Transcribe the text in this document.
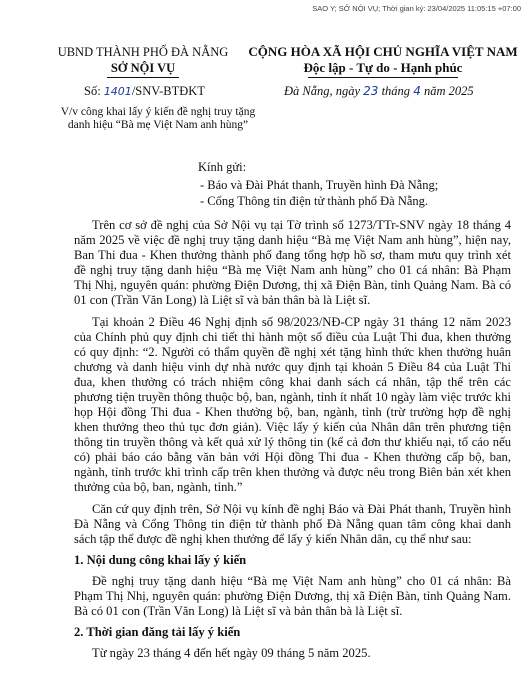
SAO Y; SỞ NỘI VỤ; Thời gian ký: 23/04/2025 11:05:15 +07:00
UBND THÀNH PHỐ ĐÀ NẴNG
SỞ NỘI VỤ
CỘNG HÒA XÃ HỘI CHỦ NGHĨA VIỆT NAM
Độc lập - Tự do - Hạnh phúc
Số: 1401/SNV-BTĐKT	Đà Nẵng, ngày 23 tháng 4 năm 2025
V/v công khai lấy ý kiến đề nghị truy tặng danh hiệu “Bà mẹ Việt Nam anh hùng”
Kính gửi:
- Báo và Đài Phát thanh, Truyền hình Đà Nẵng;
- Cổng Thông tin điện tử thành phố Đà Nẵng.

Trên cơ sở đề nghị của Sở Nội vụ tại Tờ trình số 1273/TTr-SNV ngày 18 tháng 4 năm 2025 về việc đề nghị truy tặng danh hiệu “Bà mẹ Việt Nam anh hùng”, hiện nay, Ban Thi đua - Khen thưởng thành phố đang tổng hợp hồ sơ, tham mưu quy trình xét đề nghị truy tặng danh hiệu “Bà mẹ Việt Nam anh hùng” cho 01 cá nhân: Bà Phạm Thị Nhị, nguyên quán: phường Điện Dương, thị xã Điện Bàn, tỉnh Quảng Nam. Bà có 01 con (Trần Văn Long) là Liệt sĩ và bản thân bà là Liệt sĩ.

Tại khoản 2 Điều 46 Nghị định số 98/2023/NĐ-CP ngày 31 tháng 12 năm 2023 của Chính phủ quy định chi tiết thi hành một số điều của Luật Thi đua, khen thưởng có quy định: “2. Người có thẩm quyền đề nghị xét tặng hình thức khen thưởng huân chương và danh hiệu vinh dự nhà nước quy định tại khoản 5 Điều 84 của Luật Thi đua, khen thưởng có trách nhiệm công khai danh sách cá nhân, tập thể trên các phương tiện truyền thông thuộc bộ, ban, ngành, tỉnh ít nhất 10 ngày làm việc trước khi họp Hội đồng Thi đua - Khen thưởng bộ, ban, ngành, tỉnh (trừ trường hợp đề nghị khen thưởng theo thủ tục đơn giản). Việc lấy ý kiến của Nhân dân trên phương tiện thông tin truyền thông và kết quả xử lý thông tin (kể cả đơn thư khiếu nại, tố cáo nếu có) phải báo cáo bằng văn bản với Hội đồng Thi đua - Khen thưởng cấp bộ, ban, ngành, tỉnh trước khi trình cấp trên khen thưởng và được nêu trong Biên bản xét khen thưởng của bộ, ban, ngành, tỉnh.”

Căn cứ quy định trên, Sở Nội vụ kính đề nghị Báo và Đài Phát thanh, Truyền hình Đà Nẵng và Cổng Thông tin điện tử thành phố Đà Nẵng quan tâm công khai danh sách tập thể được đề nghị khen thưởng để lấy ý kiến Nhân dân, cụ thể như sau:

1. Nội dung công khai lấy ý kiến

Đề nghị truy tặng danh hiệu “Bà mẹ Việt Nam anh hùng” cho 01 cá nhân: Bà Phạm Thị Nhị, nguyên quán: phường Điện Dương, thị xã Điện Bàn, tỉnh Quảng Nam. Bà có 01 con (Trần Văn Long) là Liệt sĩ và bản thân bà là Liệt sĩ.

2. Thời gian đăng tải lấy ý kiến

Từ ngày 23 tháng 4 đến hết ngày 09 tháng 5 năm 2025.
